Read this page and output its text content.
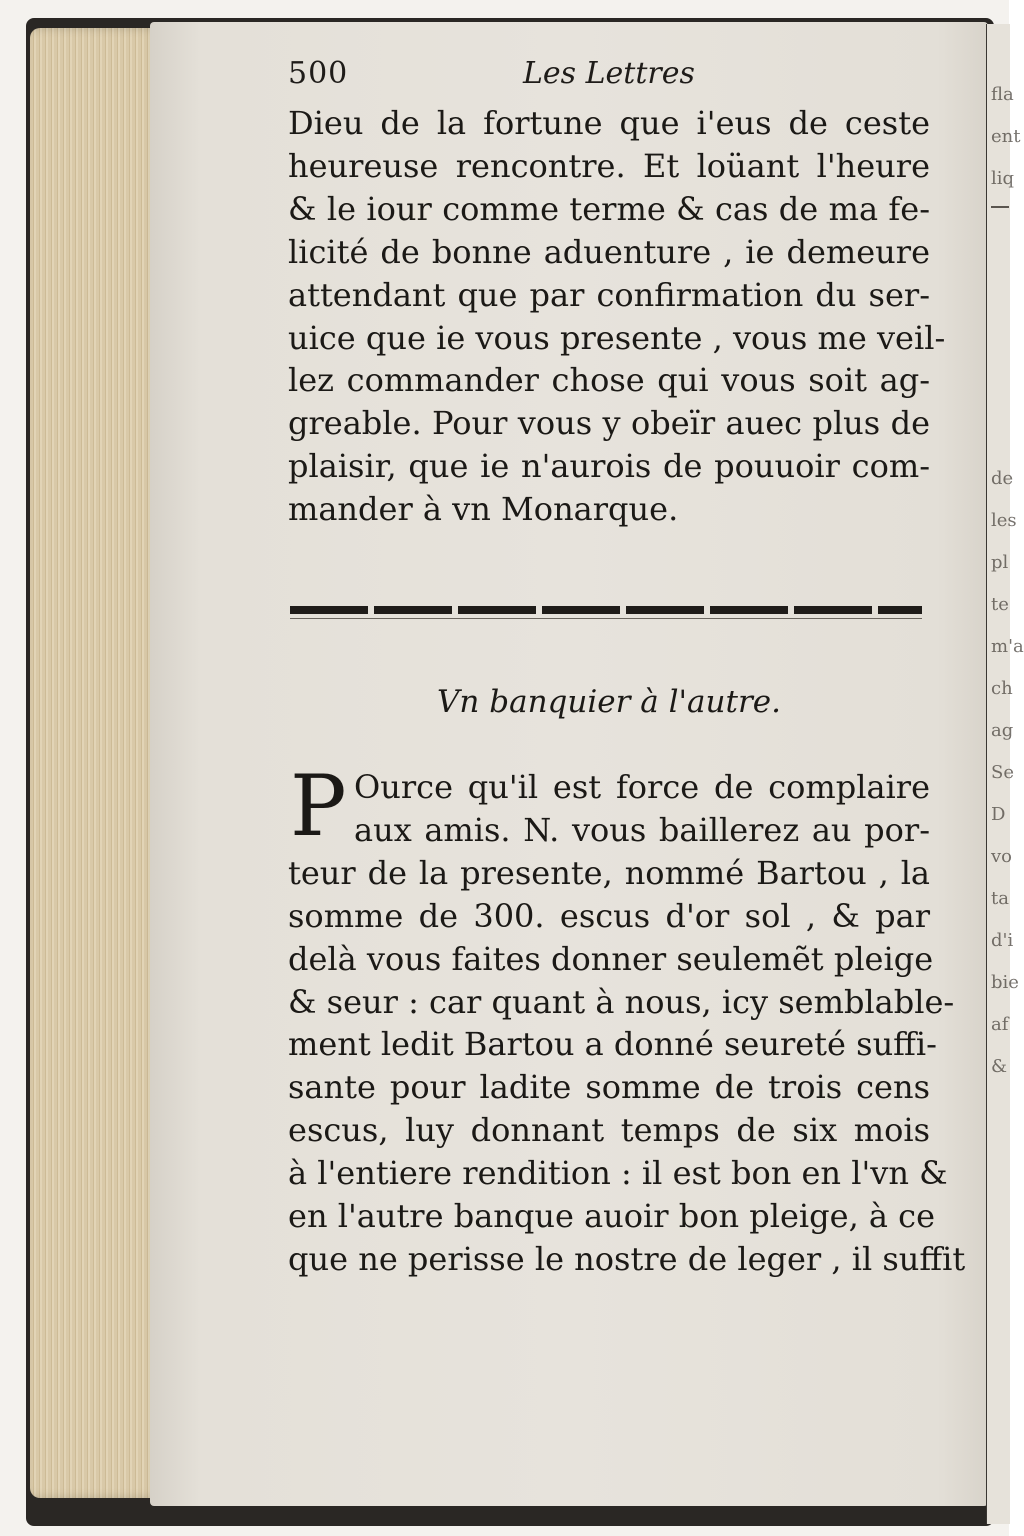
fla
ent
liq
de
les
pl
te
m'a
ch
ag
Se
D
vo
ta
d'i
bie
af
&
500	Les Lettres
Dieu de la fortune que i'eus de ceste
heureuse rencontre. Et loüant l'heure
& le iour comme terme & cas de ma fe-
licité de bonne aduenture , ie demeure
attendant que par confirmation du ser-
uice que ie vous presente , vous me veil-
lez commander chose qui vous soit ag-
greable. Pour vous y obeïr auec plus de
plaisir, que ie n'aurois de pouuoir com-
mander à vn Monarque.
Vn banquier à l'autre.
P Ource qu'il est force de complaire
aux amis. N. vous baillerez au por-
teur de la presente, nommé Bartou , la
somme de 300. escus d'or sol , & par
delà vous faites donner seulemẽt pleige
& seur : car quant à nous, icy semblable-
ment ledit Bartou a donné seureté suffi-
sante pour ladite somme de trois cens
escus, luy donnant temps de six mois
à l'entiere rendition : il est bon en l'vn &
en l'autre banque auoir bon pleige, à ce
que ne perisse le nostre de leger , il suffit
